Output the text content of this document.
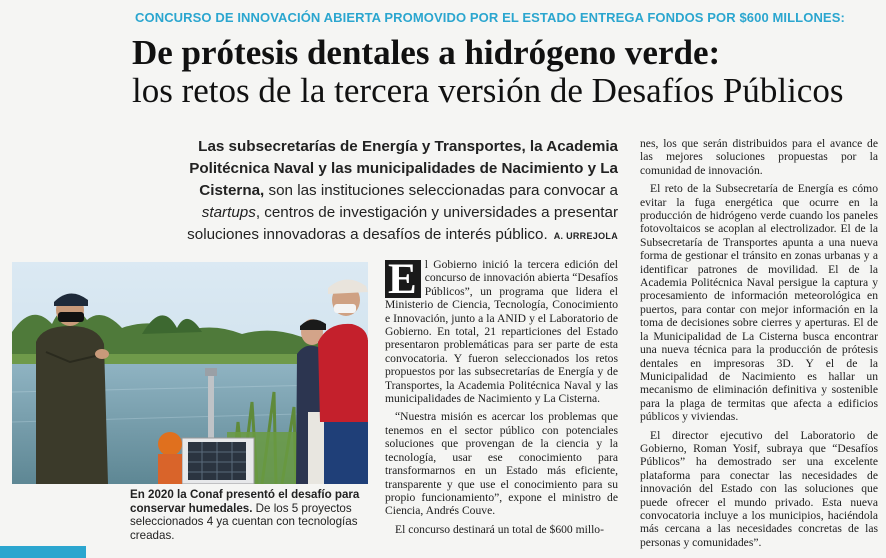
CONCURSO DE INNOVACIÓN ABIERTA PROMOVIDO POR EL ESTADO ENTREGA FONDOS POR $600 MILLONES:
De prótesis dentales a hidrógeno verde:
los retos de la tercera versión de Desafíos Públicos
Las subsecretarías de Energía y Transportes, la Academia Politécnica Naval y las municipalidades de Nacimiento y La Cisterna, son las instituciones seleccionadas para convocar a startups, centros de investigación y universidades a presentar soluciones innovadoras a desafíos de interés público. A. URREJOLA
En 2020 la Conaf presentó el desafío para conservar humedales. De los 5 proyectos seleccionados 4 ya cuentan con tecnologías creadas.

E l Gobierno inició la tercera edición del concurso de innovación abierta “Desafíos Públicos”, un programa que lidera el Ministerio de Ciencia, Tecnología, Conocimiento e Innovación, junto a la ANID y el Laboratorio de Gobierno. En total, 21 reparticiones del Estado presentaron problemáticas para ser parte de esta convocatoria. Y fueron seleccionados los retos propuestos por las subsecretarías de Energía y de Transportes, la Academia Politécnica Naval y las municipalidades de Nacimiento y La Cisterna.

“Nuestra misión es acercar los problemas que tenemos en el sector público con potenciales soluciones que provengan de la ciencia y la tecnología, usar ese conocimiento para transformarnos en un Estado más eficiente, transparente y que use el conocimiento para su propio funcionamiento”, expone el ministro de Ciencia, Andrés Couve.

El concurso destinará un total de $600 millo-

nes, los que serán distribuidos para el avance de las mejores soluciones propuestas por la comunidad de innovación.

El reto de la Subsecretaría de Energía es cómo evitar la fuga energética que ocurre en la producción de hidrógeno verde cuando los paneles fotovoltaicos se acoplan al electrolizador. El de la Subsecretaría de Transportes apunta a una nueva forma de gestionar el tránsito en zonas urbanas y a identificar patrones de movilidad. El de la Academia Politécnica Naval persigue la captura y procesamiento de información meteorológica en puertos, para contar con mejor información en la toma de decisiones sobre cierres y aperturas. El de la Municipalidad de La Cisterna busca encontrar una nueva técnica para la producción de prótesis dentales en impresoras 3D. Y el de la Municipalidad de Nacimiento es hallar un mecanismo de eliminación definitiva y sostenible para la plaga de termitas que afecta a edificios públicos y viviendas.

El director ejecutivo del Laboratorio de Gobierno, Roman Yosif, subraya que “Desafíos Públicos” ha demostrado ser una excelente plataforma para conectar las necesidades de innovación del Estado con las soluciones que puede ofrecer el mundo privado. Esta nueva convocatoria incluye a los municipios, haciéndola más cercana a las necesidades concretas de las personas y comunidades”.
